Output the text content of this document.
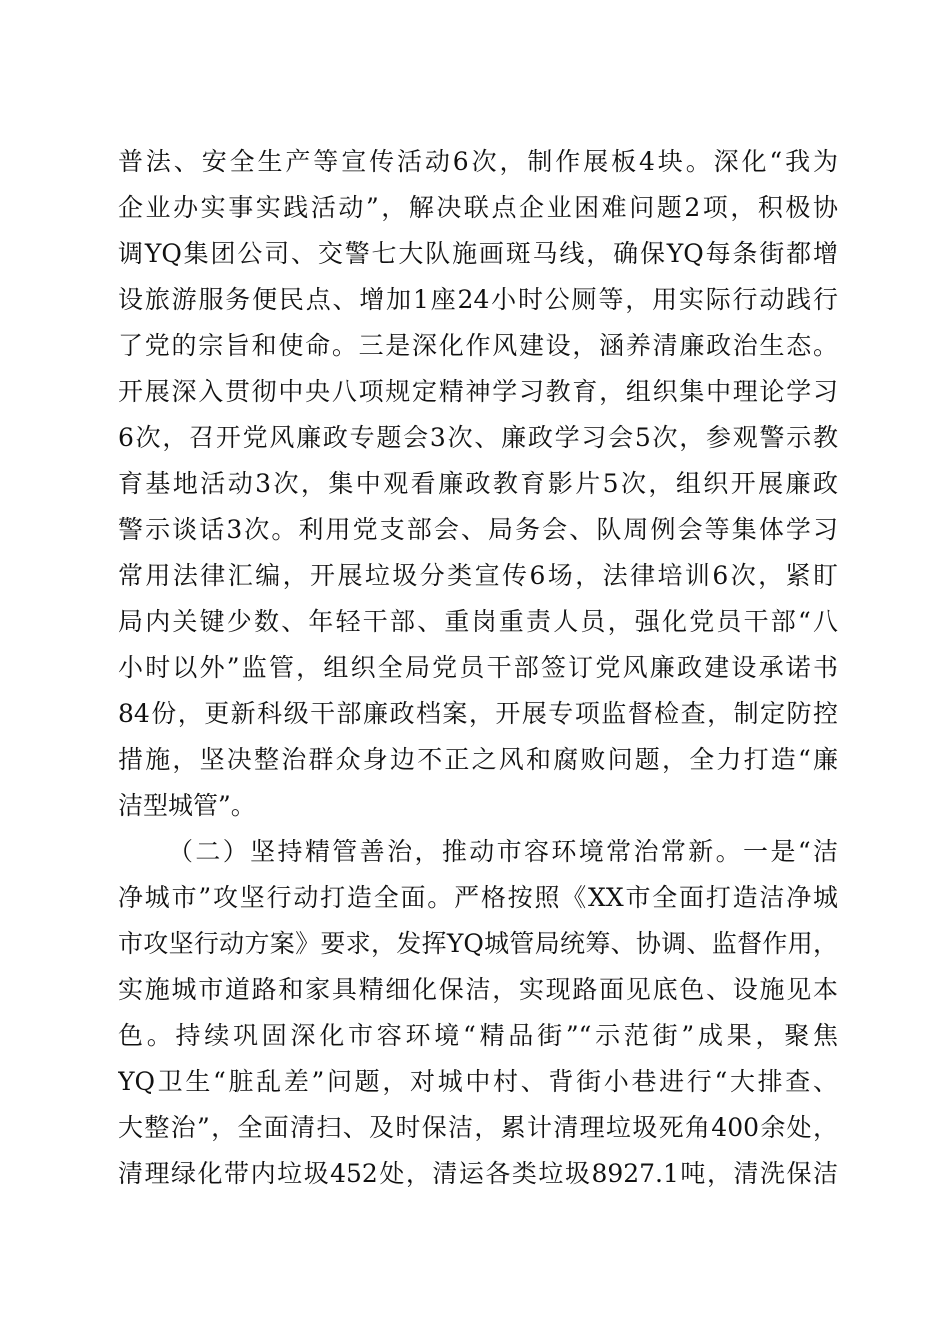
普法、安全生产等宣传活动6次，制作展板4块。深化“我为
企业办实事实践活动”，解决联点企业困难问题2项，积极协
调YQ集团公司、交警七大队施画斑马线，确保YQ每条街都增
设旅游服务便民点、增加1座24小时公厕等，用实际行动践行
了党的宗旨和使命。三是深化作风建设，涵养清廉政治生态。
开展深入贯彻中央八项规定精神学习教育，组织集中理论学习
6次，召开党风廉政专题会3次、廉政学习会5次，参观警示教
育基地活动3次，集中观看廉政教育影片5次，组织开展廉政
警示谈话3次。利用党支部会、局务会、队周例会等集体学习
常用法律汇编，开展垃圾分类宣传6场，法律培训6次，紧盯
局内关键少数、年轻干部、重岗重责人员，强化党员干部“八
小时以外”监管，组织全局党员干部签订党风廉政建设承诺书
84份，更新科级干部廉政档案，开展专项监督检查，制定防控
措施，坚决整治群众身边不正之风和腐败问题，全力打造“廉
洁型城管”。
（二）坚持精管善治，推动市容环境常治常新。一是“洁
净城市”攻坚行动打造全面。严格按照《XX市全面打造洁净城
市攻坚行动方案》要求，发挥YQ城管局统筹、协调、监督作用，
实施城市道路和家具精细化保洁，实现路面见底色、设施见本
色。持续巩固深化市容环境“精品街”“示范街”成果，聚焦
YQ卫生“脏乱差”问题，对城中村、背街小巷进行“大排查、
大整治”，全面清扫、及时保洁，累计清理垃圾死角400余处，
清理绿化带内垃圾452处，清运各类垃圾8927.1吨，清洗保洁
